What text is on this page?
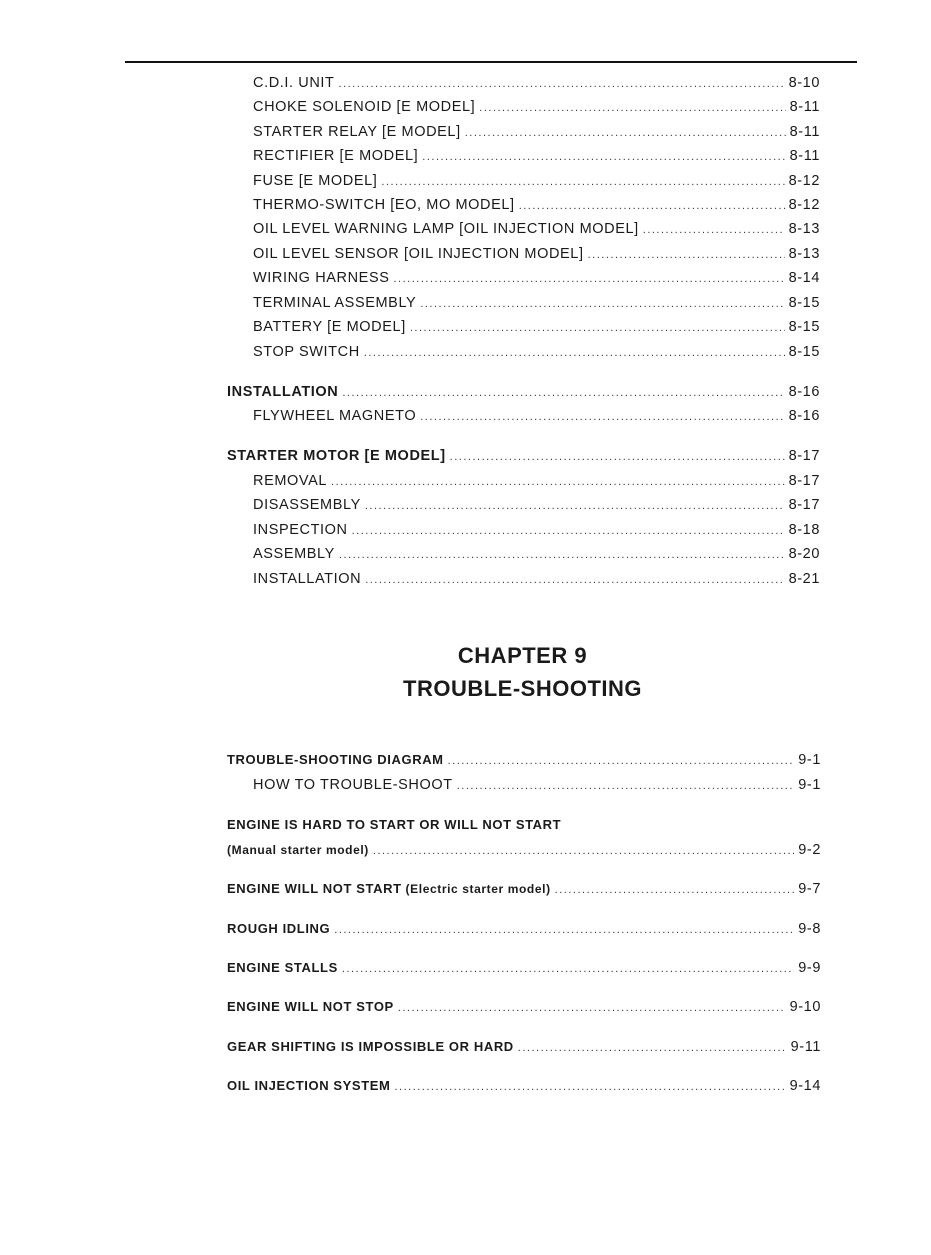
C.D.I. UNIT .....	8-10
CHOKE SOLENOID [E MODEL] .....	8-11
STARTER RELAY [E MODEL] .....	8-11
RECTIFIER [E MODEL] .....	8-11
FUSE [E MODEL] .....	8-12
THERMO-SWITCH [EO, MO MODEL] .....	8-12
OIL LEVEL WARNING LAMP [OIL INJECTION MODEL] .....	8-13
OIL LEVEL SENSOR [OIL INJECTION MODEL] .....	8-13
WIRING HARNESS .....	8-14
TERMINAL ASSEMBLY .....	8-15
BATTERY [E MODEL] .....	8-15
STOP SWITCH .....	8-15
INSTALLATION .....	8-16
FLYWHEEL MAGNETO .....	8-16
STARTER MOTOR [E MODEL] .....	8-17
REMOVAL .....	8-17
DISASSEMBLY .....	8-17
INSPECTION .....	8-18
ASSEMBLY .....	8-20
INSTALLATION .....	8-21
CHAPTER 9
TROUBLE-SHOOTING
TROUBLE-SHOOTING DIAGRAM .....	9-1
HOW TO TROUBLE-SHOOT .....	9-1
ENGINE IS HARD TO START OR WILL NOT START
(Manual starter model) .....	9-2
ENGINE WILL NOT START (Electric starter model) .....	9-7
ROUGH IDLING .....	9-8
ENGINE STALLS .....	9-9
ENGINE WILL NOT STOP .....	9-10
GEAR SHIFTING IS IMPOSSIBLE OR HARD .....	9-11
OIL INJECTION SYSTEM .....	9-14
